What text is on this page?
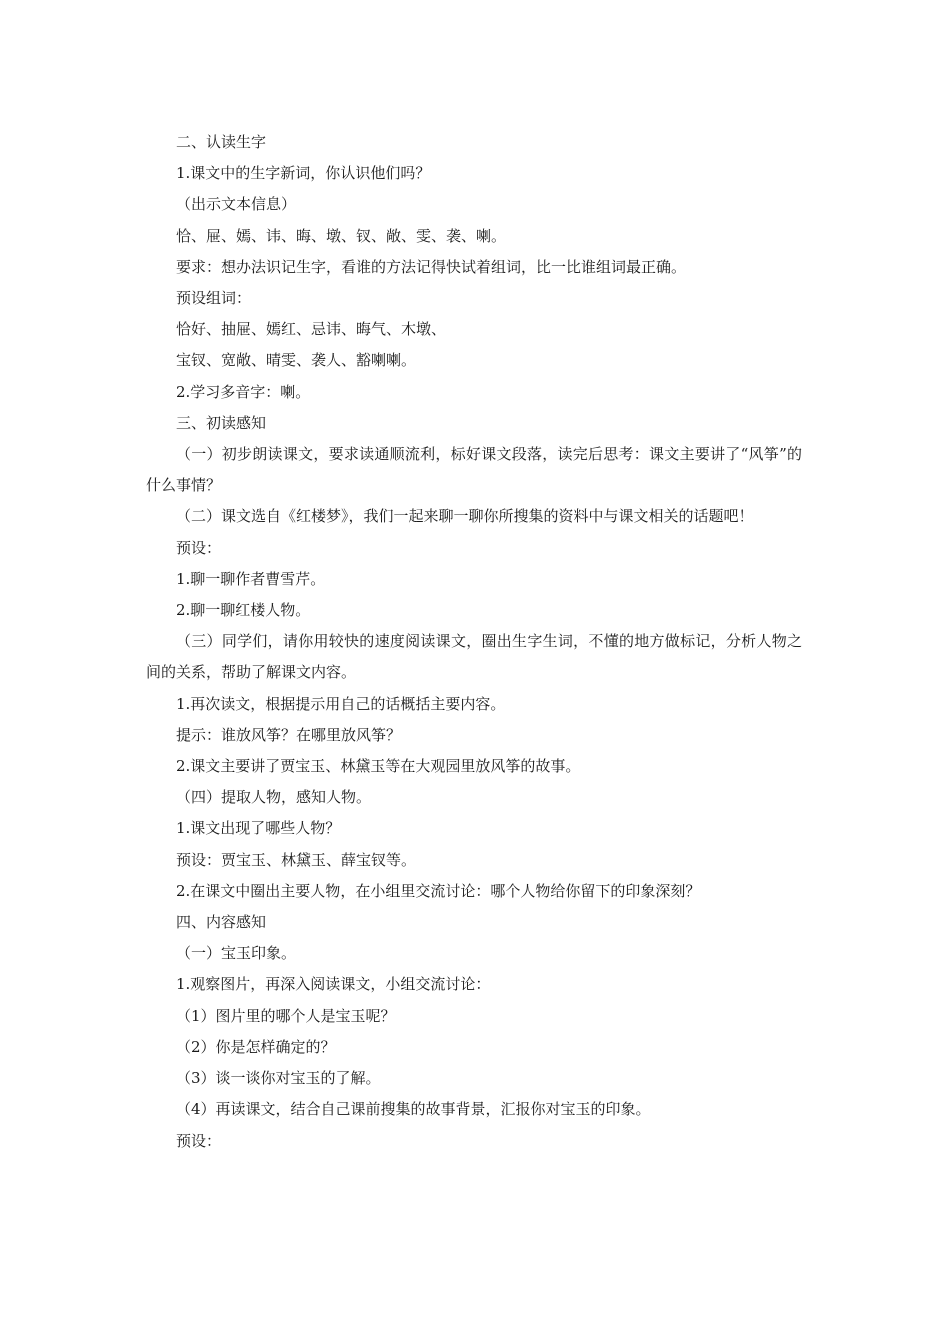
二、认读生字

1.课文中的生字新词，你认识他们吗？

（出示文本信息）

恰、屉、嫣、讳、晦、墩、钗、敞、雯、袭、喇。

要求：想办法识记生字，看谁的方法记得快试着组词，比一比谁组词最正确。

预设组词：

恰好、抽屉、嫣红、忌讳、晦气、木墩、

宝钗、宽敞、晴雯、袭人、豁喇喇。

2.学习多音字：喇。

三、初读感知

（一）初步朗读课文，要求读通顺流利，标好课文段落，读完后思考：课文主要讲了“风筝”的什么事情？

（二）课文选自《红楼梦》，我们一起来聊一聊你所搜集的资料中与课文相关的话题吧！

预设：

1.聊一聊作者曹雪芹。

2.聊一聊红楼人物。

（三）同学们，请你用较快的速度阅读课文，圈出生字生词，不懂的地方做标记，分析人物之间的关系，帮助了解课文内容。

1.再次读文，根据提示用自己的话概括主要内容。

提示：谁放风筝？在哪里放风筝？

2.课文主要讲了贾宝玉、林黛玉等在大观园里放风筝的故事。

（四）提取人物，感知人物。

1.课文出现了哪些人物？

预设：贾宝玉、林黛玉、薛宝钗等。

2.在课文中圈出主要人物，在小组里交流讨论：哪个人物给你留下的印象深刻？

四、内容感知

（一）宝玉印象。

1.观察图片，再深入阅读课文，小组交流讨论：

（1）图片里的哪个人是宝玉呢？

（2）你是怎样确定的？

（3）谈一谈你对宝玉的了解。

（4）再读课文，结合自己课前搜集的故事背景，汇报你对宝玉的印象。

预设：
